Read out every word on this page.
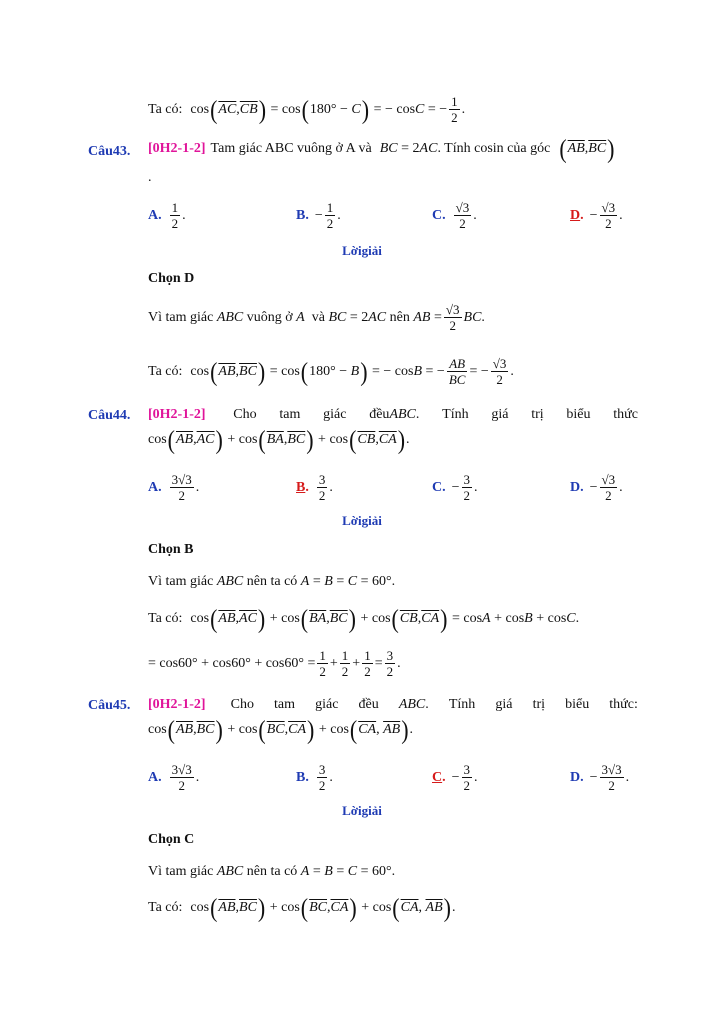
Ta có: cos ( $\overline{AC}$ , $\overline{CB}$ ) = cos ( 180° − C ) = − cos C = − 1
2
.
Câu43. [0H2-1-2] Tam giác ABC vuông ở A và BC = 2 AC . Tính cosin của góc ( $\overline{AB}$ , $\overline{BC}$ )
.
A. 1
2
.	B. − 1
2
.	C. √3
2
.	D. − √3
2
.
Lờigiải
Chọn D
Vì tam giác
ABC
vuông ở
A
và
BC = 2 AC
nên
AB = √3
2
BC .
Ta có: cos ( $\overline{AB}$ , $\overline{BC}$ ) = cos ( 180° − B ) = − cos B = − AB
BC
= − √3
2
.
Câu44. [0H2-1-2] Cho tam giác đềuABC. Tính giá trị biểu thức
cos ( $\overline{AB}$ , $\overline{AC}$ ) + cos ( $\overline{BA}$ , $\overline{BC}$ ) + cos ( $\overline{CB}$ , $\overline{CA}$ ) .
A. 3√3
2
.	B. 3
2
.	C. − 3
2
.	D. − √3
2
.
Lờigiải
Chọn B
Vì tam giác
ABC
nên ta có
A = B = C = 60°.
Ta có: cos ( $\overline{AB}$ , $\overline{AC}$ ) + cos ( $\overline{BA}$ , $\overline{BC}$ ) + cos ( $\overline{CB}$ , $\overline{CA}$ ) = cos A + cos B + cos C .
= cos60° + cos60° + cos60° = 1
2
+ 1
2
+ 1
2
= 3
2
.
Câu45. [0H2-1-2] Cho tam giác đều ABC. Tính giá trị biểu thức:
cos ( $\overline{AB}$ , $\overline{BC}$ ) + cos ( $\overline{BC}$ , $\overline{CA}$ ) + cos ( $\overline{CA}$ , $\overline{AB}$ ) .
A. 3√3
2
.	B. 3
2
.	C. − 3
2
.	D. − 3√3
2
.
Lờigiải
Chọn C
Vì tam giác
ABC
nên ta có
A = B = C = 60°.
Ta có: cos ( $\overline{AB}$ , $\overline{BC}$ ) + cos ( $\overline{BC}$ , $\overline{CA}$ ) + cos ( $\overline{CA}$ , $\overline{AB}$ ) .
